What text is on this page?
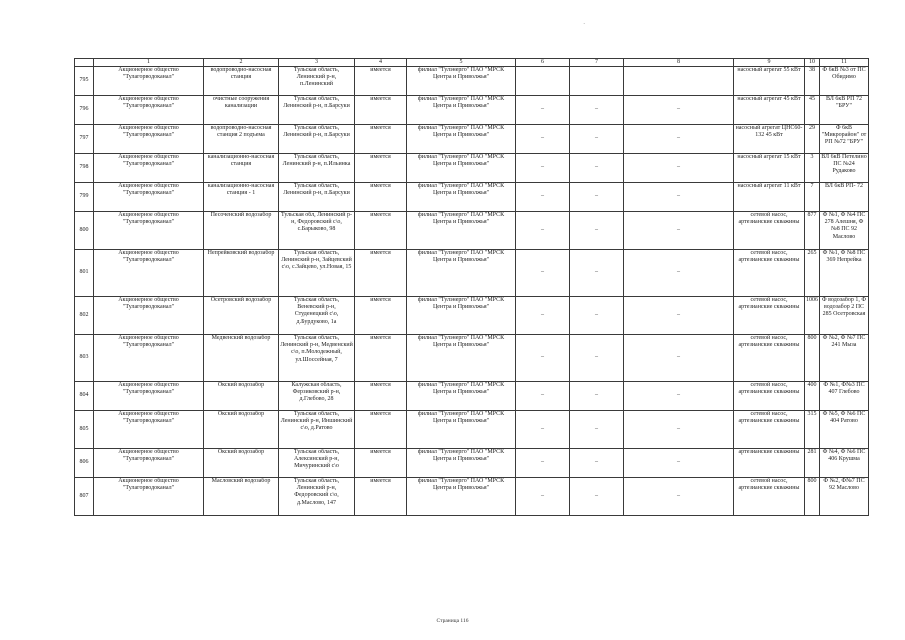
·
	1	2	3	4	5	6	7	8	9	10	11
795	Акционерное общество "Тулагорводоканал"	водопроводно-насосная станция	Тульская область, Ленинский р-н, п.Ленинский	имеется	филиал "Тулэнерго" ПАО "МРСК Центра и Приволжья"				насосный агрегат 55 кВт	38	Ф 6кВ №3 от ПС Обидимо
796	Акционерное общество "Тулагорводоканал"	очистные сооружения канализации	Тульская область, Ленинский р-н, п.Барсуки	имеется	филиал "Тулэнерго" ПАО "МРСК Центра и Приволжья"	–	–	–	насосный агрегат 45 кВт	45	ВЛ 6кВ РП 72 "БРУ"
797	Акционерное общество "Тулагорводоканал"	водопроводно-насосная станция 2 подъема	Тульская область, Ленинский р-н, п.Барсуки	имеется	филиал "Тулэнерго" ПАО "МРСК Центра и Приволжья"	–	–	–	насосный агрегат ЦНС60-132 45 кВт	29	Ф 6кВ "Микрорайон" от РП №72 "БРУ"
798	Акционерное общество "Тулагорводоканал"	канализационно-насосная станция	Тульская область, Ленинский р-н, п.Ильинка	имеется	филиал "Тулэнерго" ПАО "МРСК Центра и Приволжья"	–	–	–	насосный агрегат 15 кВт	3	ВЛ 6кВ Петелино ПС №24 Рудаково
799	Акционерное общество "Тулагорводоканал"	канализационно-насосная станция - 1	Тульская область, Ленинский р-н, п.Барсуки	имеется	филиал "Тулэнерго" ПАО "МРСК Центра и Приволжья"	–	–	–	насосный агрегат 11 кВт	7	ВЛ 6кВ РП- 72
800	Акционерное общество "Тулагорводоканал"	Песоченский водозабор	Тульская обл, Ленинский р-н, Федоровский с\о, с.Барыково, 98	имеется	филиал "Тулэнерго" ПАО "МРСК Центра и Приволжья"	–	–	–	сетевой насос, артезианские скважины	877	Ф №1, Ф №4 ПС 278 Алешня, Ф №8 ПС 92 Маслово
801	Акционерное общество "Тулагорводоканал"	Непрейковский водозабор	Тульская область, Ленинский р-н, Зайцевский с\о, с.Зайцево, ул.Новая, 15	имеется	филиал "Тулэнерго" ПАО "МРСК Центра и Приволжья"	–	–	–	сетевой насос, артезианские скважины	265	Ф №1, Ф №8 ПС 369 Непрейка
802	Акционерное общество "Тулагорводоканал"	Осетровский водозабор	Тульская область, Веневский р-н, Студенецкий с\о, д.Бурдуково, 1а	имеется	филиал "Тулэнерго" ПАО "МРСК Центра и Приволжья"	–	–	–	сетевой насос, артезианские скважины	1006	Ф водозабор 1, Ф водозабор 2 ПС 285 Осетровская
803	Акционерное общество "Тулагорводоканал"	Медвенский водозабор	Тульская область, Ленинский р-н, Медвенский с\о, п.Молодежный, ул.Шоссейная, 7	имеется	филиал "Тулэнерго" ПАО "МРСК Центра и Приволжья"	–	–	–	сетевой насос, артезианские скважины	800	Ф №2, Ф №7 ПС 241 Мыза
804	Акционерное общество "Тулагорводоканал"	Окский водозабор	Калужская область, Ферзиковский р-н, д.Глебово, 28	имеется	филиал "Тулэнерго" ПАО "МРСК Центра и Приволжья"	–	–	–	сетевой насос, артезианские скважины	400	Ф №1, Ф№3 ПС 407 Глебово
805	Акционерное общество "Тулагорводоканал"	Окский водозабор	Тульская область, Ленинский р-н, Иншинский с\о, д.Ратово	имеется	филиал "Тулэнерго" ПАО "МРСК Центра и Приволжья"	–	–	–	сетевой насос, артезианские скважины	315	Ф №5, Ф №6 ПС 404 Ратово
806	Акционерное общество "Тулагорводоканал"	Окский водозабор	Тульская область, Алексинский р-н, Мичуринский с\о	имеется	филиал "Тулэнерго" ПАО "МРСК Центра и Приволжья"	–	–	–	артезианские скважины	281	Ф №4, Ф №6 ПС 406 Крушма
807	Акционерное общество "Тулагорводоканал"	Масловский водозабор	Тульская область, Ленинский р-н, Федоровский с\о, д.Маслово, 147	имеется	филиал "Тулэнерго" ПАО "МРСК Центра и Приволжья"	–	–	–	сетевой насос, артезианские скважины	800	Ф №2, Ф№7 ПС 92 Маслово
Страница 116
